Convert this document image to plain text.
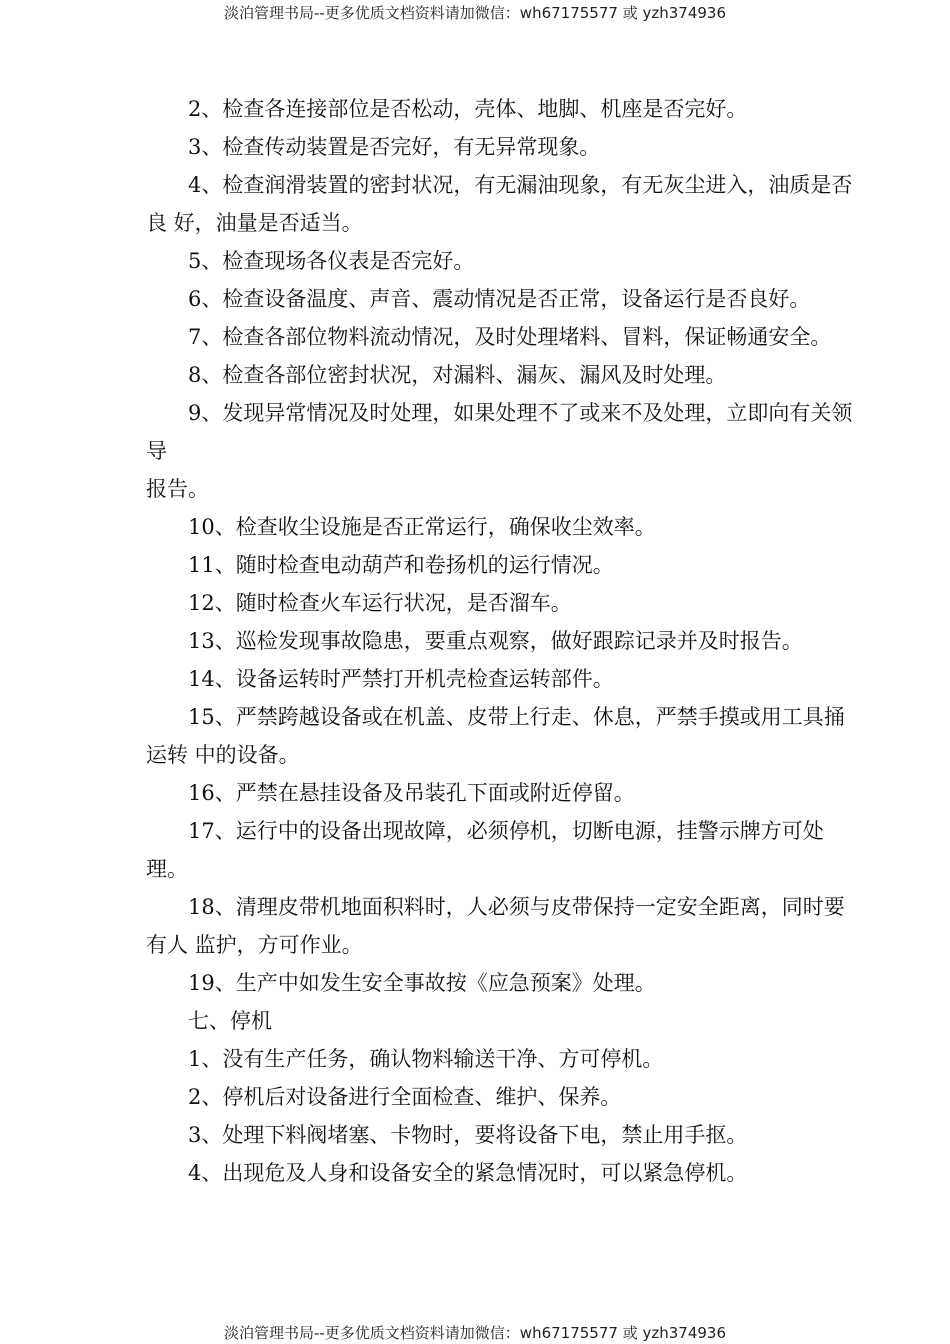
淡泊管理书局--更多优质文档资料请加微信：wh67175577 或 yzh374936

2、检查各连接部位是否松动，壳体、地脚、机座是否完好。

3、检查传动装置是否完好，有无异常现象。

4、检查润滑装置的密封状况，有无漏油现象，有无灰尘进入，油质是否良 好，油量是否适当。

5、检查现场各仪表是否完好。

6、检查设备温度、声音、震动情况是否正常，设备运行是否良好。

7、检查各部位物料流动情况，及时处理堵料、冒料，保证畅通安全。

8、检查各部位密封状况，对漏料、漏灰、漏风及时处理。

9、发现异常情况及时处理，如果处理不了或来不及处理，立即向有关领导

报告。

10、检查收尘设施是否正常运行，确保收尘效率。

11、随时检查电动葫芦和卷扬机的运行情况。

12、随时检查火车运行状况，是否溜车。

13、巡检发现事故隐患，要重点观察，做好跟踪记录并及时报告。

14、设备运转时严禁打开机壳检查运转部件。

15、严禁跨越设备或在机盖、皮带上行走、休息，严禁手摸或用工具捅运转 中的设备。

16、严禁在悬挂设备及吊装孔下面或附近停留。

17、运行中的设备出现故障，必须停机，切断电源，挂警示牌方可处理。

18、清理皮带机地面积料时，人必须与皮带保持一定安全距离，同时要有人 监护，方可作业。

19、生产中如发生安全事故按《应急预案》处理。

七、停机

1、没有生产任务，确认物料输送干净、方可停机。

2、停机后对设备进行全面检查、维护、保养。

3、处理下料阀堵塞、卡物时，要将设备下电，禁止用手抠。

4、出现危及人身和设备安全的紧急情况时，可以紧急停机。

淡泊管理书局--更多优质文档资料请加微信：wh67175577 或 yzh374936
